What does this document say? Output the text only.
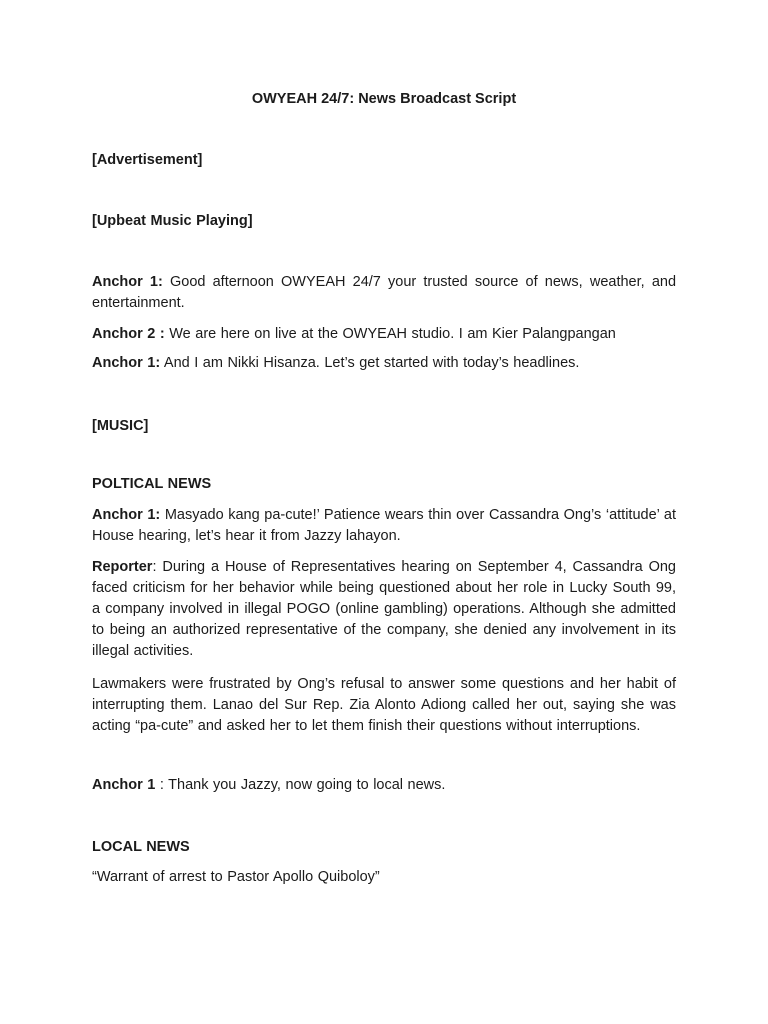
OWYEAH 24/7: News Broadcast Script

[Advertisement]

[Upbeat Music Playing]

Anchor 1: Good afternoon OWYEAH 24/7 your trusted source of news, weather, and entertainment.

Anchor 2 : We are here on live at the OWYEAH studio. I am Kier Palangpangan

Anchor 1: And I am Nikki Hisanza. Let’s get started with today’s headlines.

[MUSIC]

POLTICAL NEWS

Anchor 1: Masyado kang pa-cute!’ Patience wears thin over Cassandra Ong’s ‘attitude’ at House hearing, let’s hear it from Jazzy lahayon.

Reporter: During a House of Representatives hearing on September 4, Cassandra Ong faced criticism for her behavior while being questioned about her role in Lucky South 99, a company involved in illegal POGO (online gambling) operations. Although she admitted to being an authorized representative of the company, she denied any involvement in its illegal activities.

Lawmakers were frustrated by Ong’s refusal to answer some questions and her habit of interrupting them. Lanao del Sur Rep. Zia Alonto Adiong called her out, saying she was acting “pa-cute” and asked her to let them finish their questions without interruptions.

Anchor 1 : Thank you Jazzy, now going to local news.

LOCAL NEWS

“Warrant of arrest to Pastor Apollo Quiboloy”
